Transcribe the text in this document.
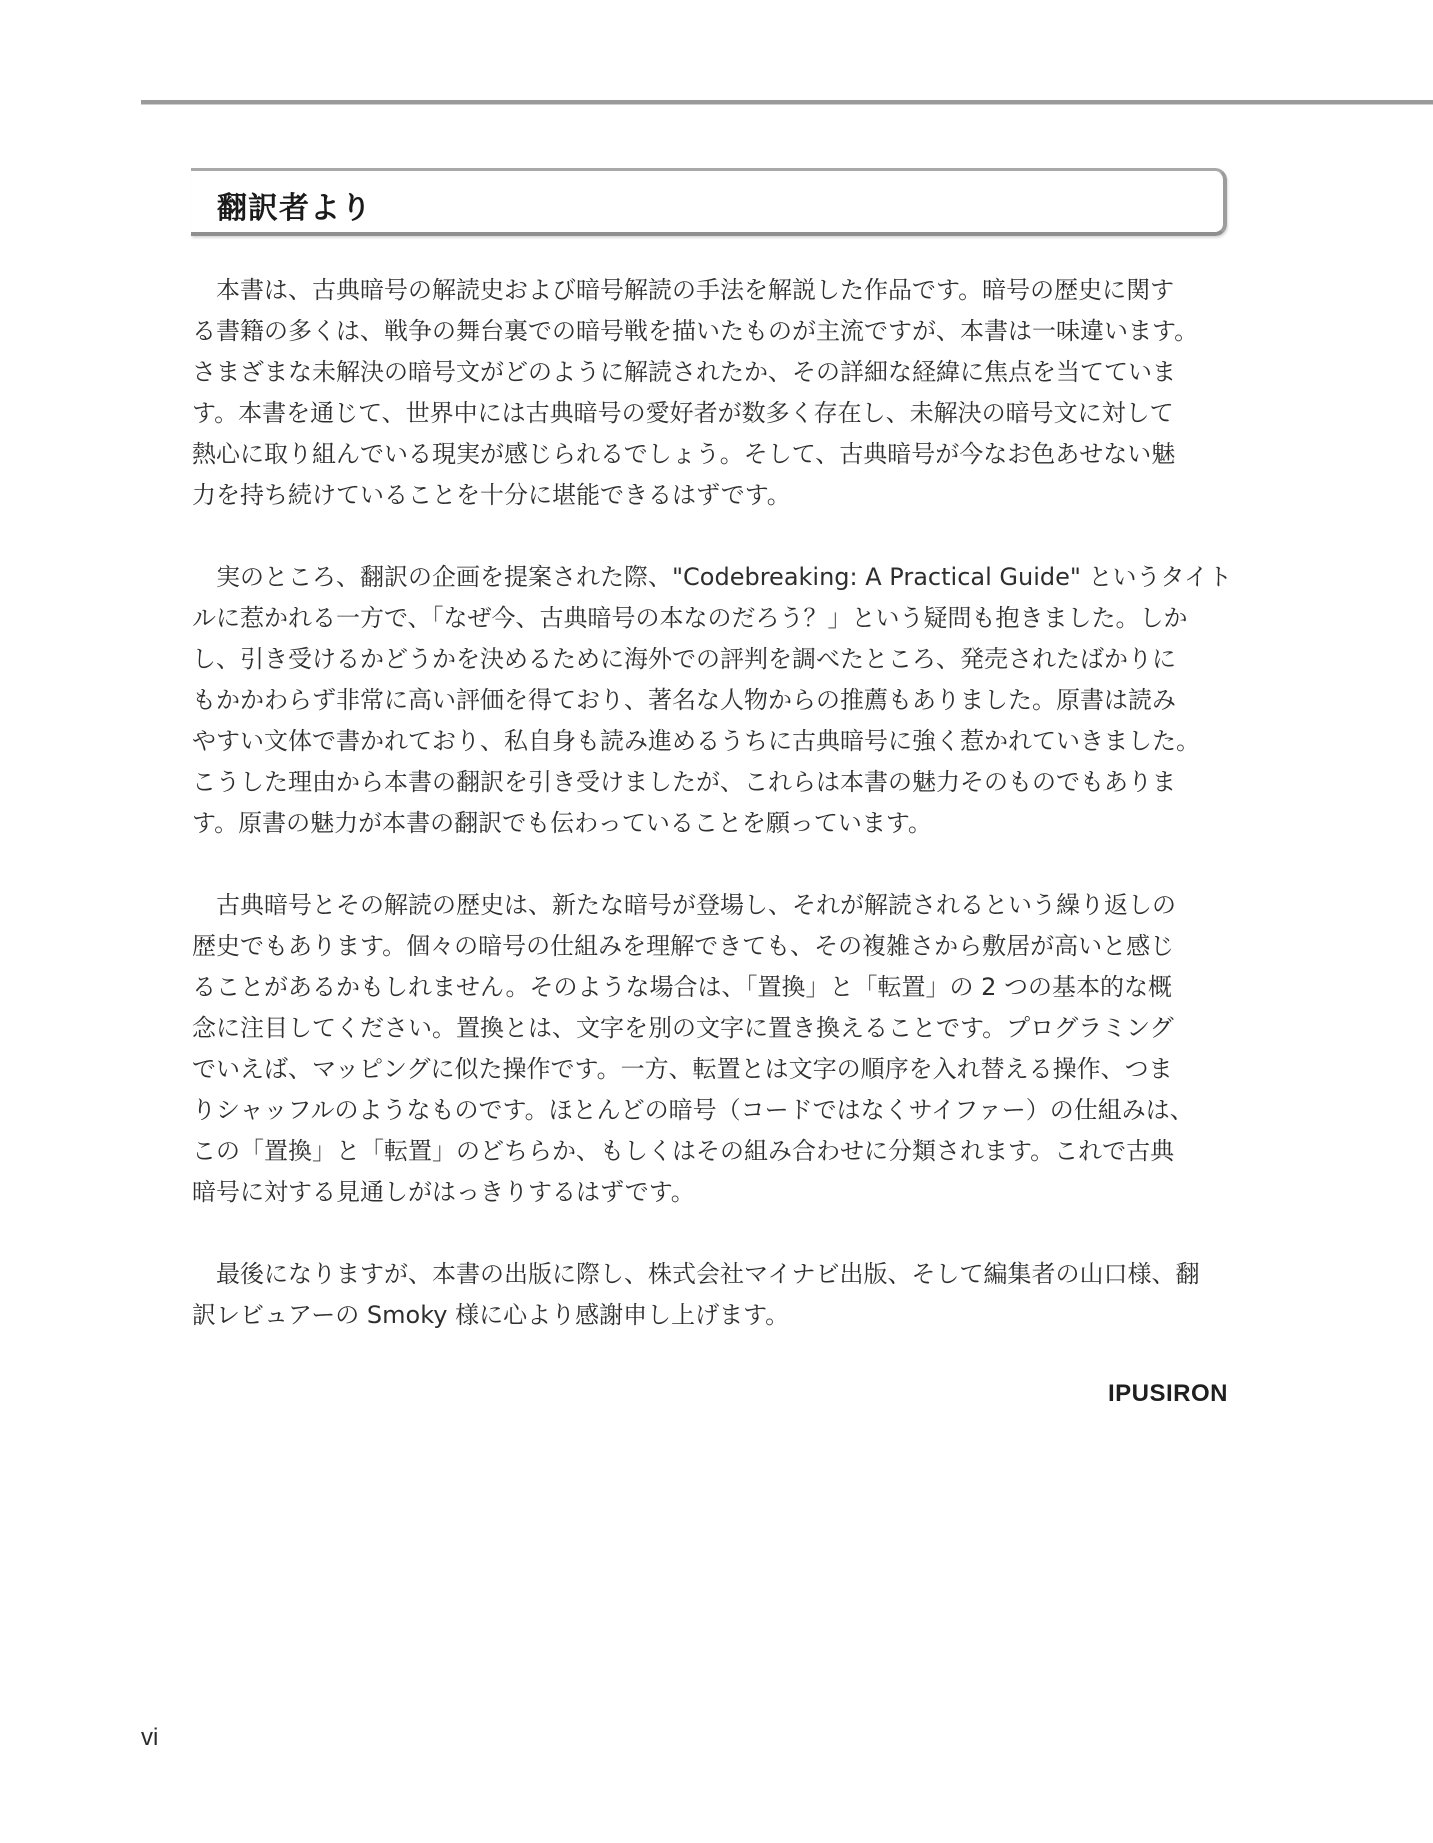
翻訳者より

　本書は、古典暗号の解読史および暗号解読の手法を解説した作品です。暗号の歴史に関す
る書籍の多くは、戦争の舞台裏での暗号戦を描いたものが主流ですが、本書は一味違います。
さまざまな未解決の暗号文がどのように解読されたか、その詳細な経緯に焦点を当てていま
す。本書を通じて、世界中には古典暗号の愛好者が数多く存在し、未解決の暗号文に対して
熱心に取り組んでいる現実が感じられるでしょう。そして、古典暗号が今なお色あせない魅
力を持ち続けていることを十分に堪能できるはずです。

　実のところ、翻訳の企画を提案された際、"Codebreaking: A Practical Guide" というタイト
ルに惹かれる一方で、「なぜ今、古典暗号の本なのだろう？」という疑問も抱きました。しか
し、引き受けるかどうかを決めるために海外での評判を調べたところ、発売されたばかりに
もかかわらず非常に高い評価を得ており、著名な人物からの推薦もありました。原書は読み
やすい文体で書かれており、私自身も読み進めるうちに古典暗号に強く惹かれていきました。
こうした理由から本書の翻訳を引き受けましたが、これらは本書の魅力そのものでもありま
す。原書の魅力が本書の翻訳でも伝わっていることを願っています。

　古典暗号とその解読の歴史は、新たな暗号が登場し、それが解読されるという繰り返しの
歴史でもあります。個々の暗号の仕組みを理解できても、その複雑さから敷居が高いと感じ
ることがあるかもしれません。そのような場合は、「置換」と「転置」の 2 つの基本的な概
念に注目してください。置換とは、文字を別の文字に置き換えることです。プログラミング
でいえば、マッピングに似た操作です。一方、転置とは文字の順序を入れ替える操作、つま
りシャッフルのようなものです。ほとんどの暗号（コードではなくサイファー）の仕組みは、
この「置換」と「転置」のどちらか、もしくはその組み合わせに分類されます。これで古典
暗号に対する見通しがはっきりするはずです。

　最後になりますが、本書の出版に際し、株式会社マイナビ出版、そして編集者の山口様、翻
訳レビュアーの Smoky 様に心より感謝申し上げます。

IPUSIRON
vi
